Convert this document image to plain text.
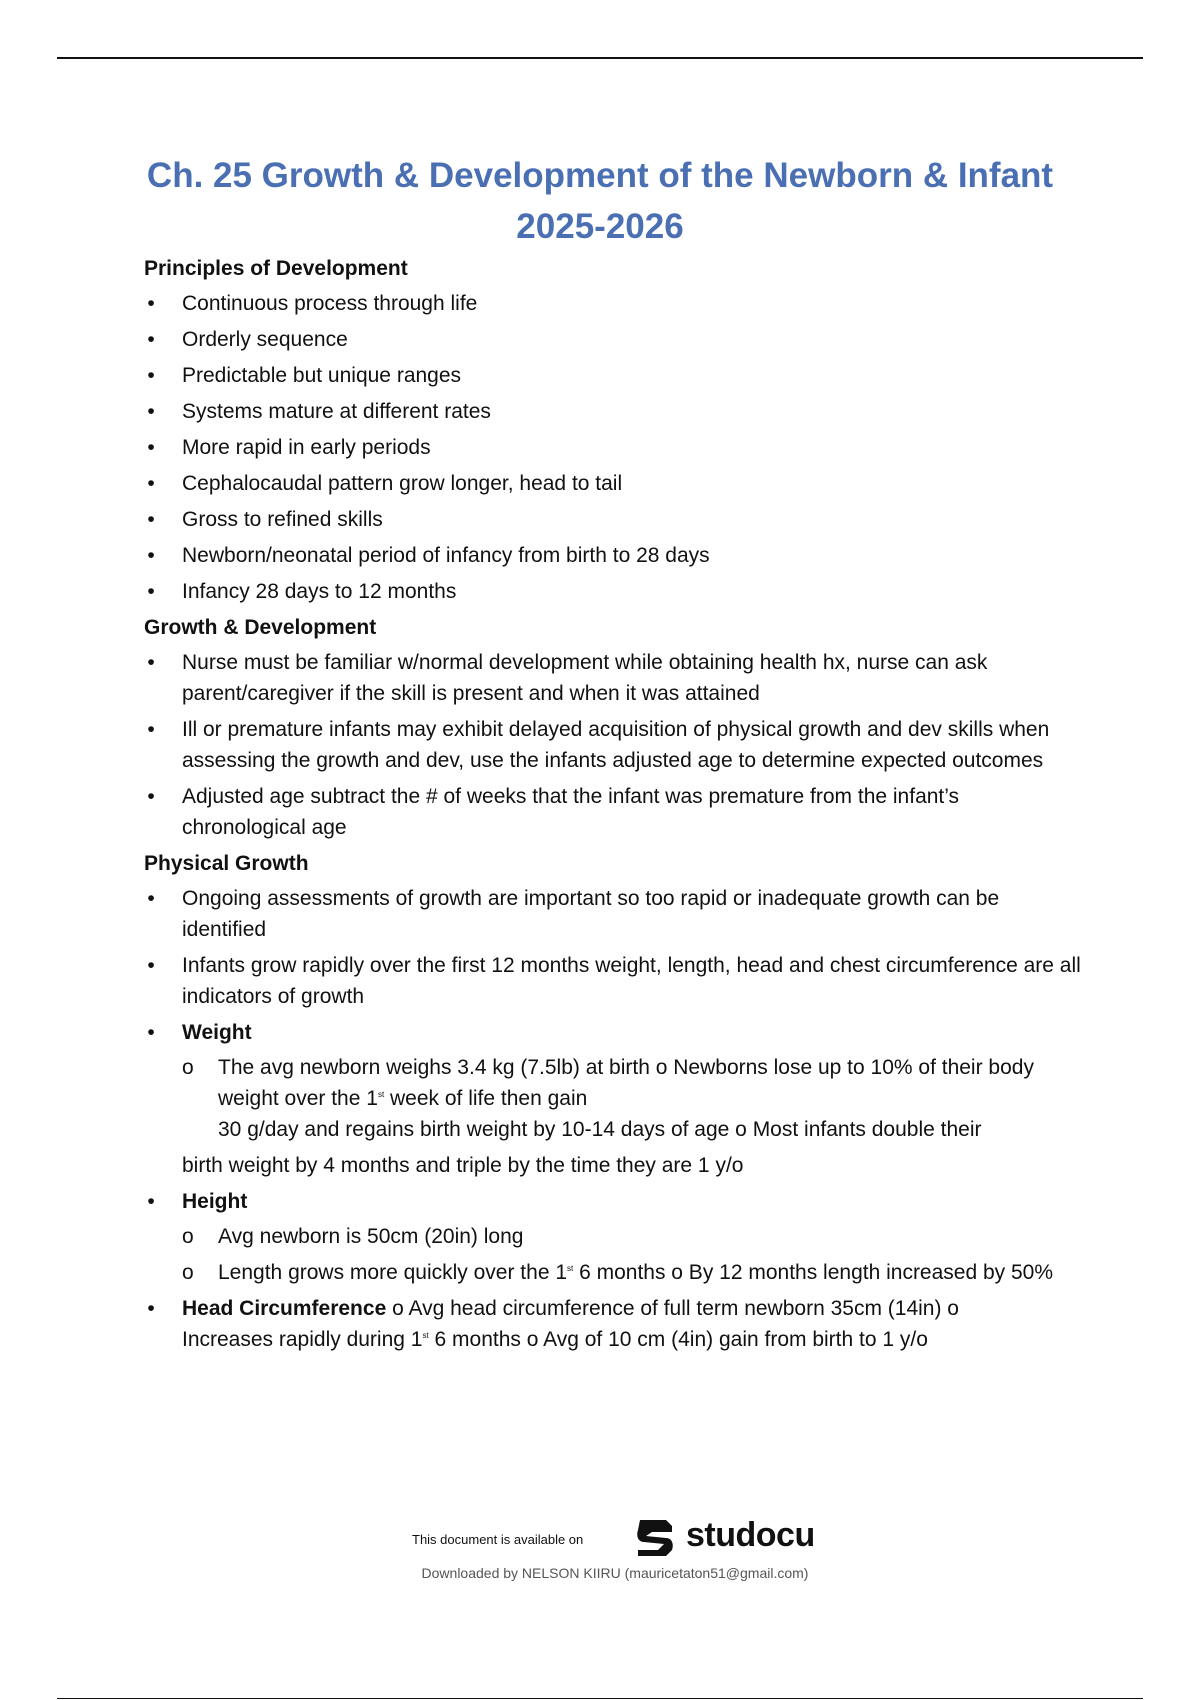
Ch. 25 Growth & Development of the Newborn & Infant
2025-2026
Principles of Development
• Continuous process through life
• Orderly sequence
• Predictable but unique ranges
• Systems mature at different rates
• More rapid in early periods
• Cephalocaudal pattern grow longer, head to tail
• Gross to refined skills
• Newborn/neonatal period of infancy from birth to 28 days
• Infancy 28 days to 12 months
Growth & Development
• Nurse must be familiar w/normal development while obtaining health hx, nurse can ask parent/caregiver if the skill is present and when it was attained
• Ill or premature infants may exhibit delayed acquisition of physical growth and dev skills when assessing the growth and dev, use the infants adjusted age to determine expected outcomes
• Adjusted age subtract the # of weeks that the infant was premature from the infant’s chronological age
Physical Growth
• Ongoing assessments of growth are important so too rapid or inadequate growth can be identified
• Infants grow rapidly over the first 12 months weight, length, head and chest circumference are all indicators of growth
• Weight
o The avg newborn weighs 3.4 kg (7.5lb) at birth o Newborns lose up to 10% of their body weight over the 1st week of life then gain
30 g/day and regains birth weight by 10-14 days of age o Most infants double their
birth weight by 4 months and triple by the time they are 1 y/o
• Height
o Avg newborn is 50cm (20in) long
o Length grows more quickly over the 1st 6 months o By 12 months length increased by 50%
• Head Circumference o Avg head circumference of full term newborn 35cm (14in) o
Increases rapidly during 1st 6 months o Avg of 10 cm (4in) gain from birth to 1 y/o
This document is available on	studocu
Downloaded by NELSON KIIRU (mauricetaton51@gmail.com)
